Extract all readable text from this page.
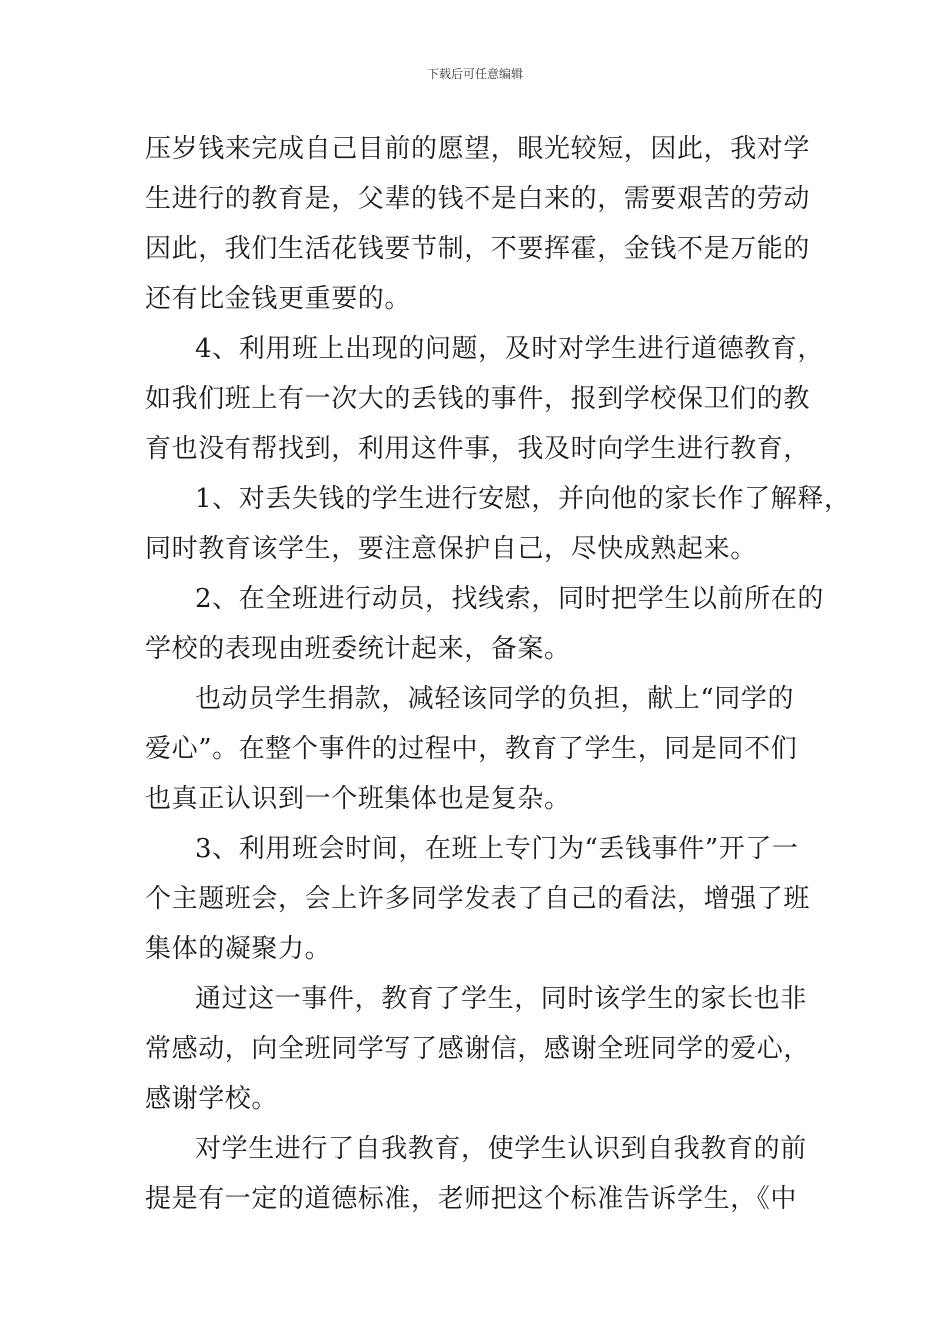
下载后可任意编辑
压岁钱来完成自己目前的愿望，眼光较短，因此，我对学
生进行的教育是，父辈的钱不是白来的，需要艰苦的劳动
因此，我们生活花钱要节制，不要挥霍，金钱不是万能的
还有比金钱更重要的。
4、利用班上出现的问题，及时对学生进行道德教育，
如我们班上有一次大的丢钱的事件，报到学校保卫们的教
育也没有帮找到，利用这件事，我及时向学生进行教育，
1、对丢失钱的学生进行安慰，并向他的家长作了解释，
同时教育该学生，要注意保护自己，尽快成熟起来。
2、在全班进行动员，找线索，同时把学生以前所在的
学校的表现由班委统计起来，备案。
也动员学生捐款，减轻该同学的负担，献上“同学的
爱心”。在整个事件的过程中，教育了学生，同是同不们
也真正认识到一个班集体也是复杂。
3、利用班会时间，在班上专门为“丢钱事件”开了一
个主题班会，会上许多同学发表了自己的看法，增强了班
集体的凝聚力。
通过这一事件，教育了学生，同时该学生的家长也非
常感动，向全班同学写了感谢信，感谢全班同学的爱心，
感谢学校。
对学生进行了自我教育，使学生认识到自我教育的前
提是有一定的道德标准，老师把这个标准告诉学生，《中
